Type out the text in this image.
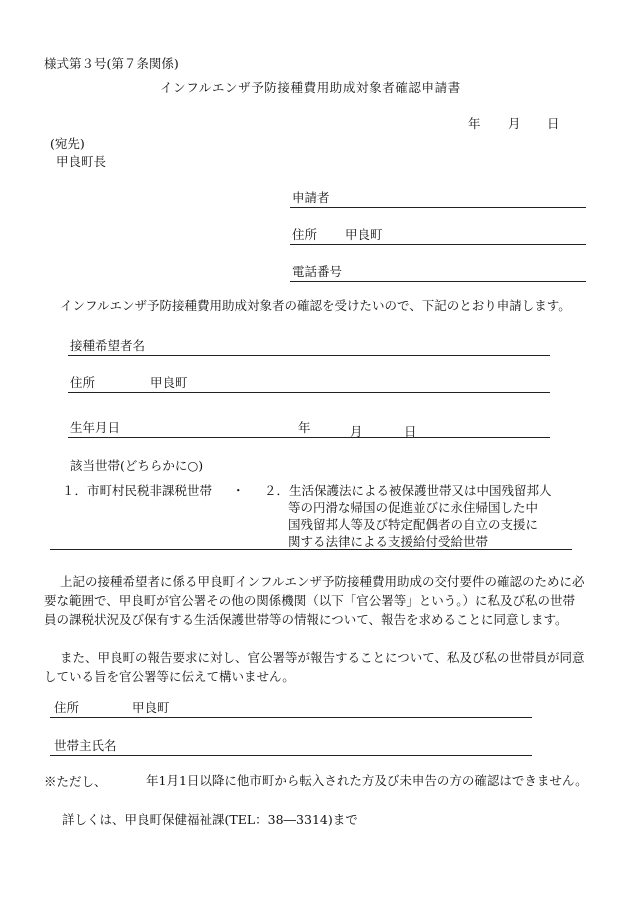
様式第３号(第７条関係)
インフルエンザ予防接種費用助成対象者確認申請書
年 月 日
(宛先)
甲良町長
申請者
住所 甲良町
電話番号
インフルエンザ予防接種費用助成対象者の確認を受けたいので、下記のとおり申請します。
接種希望者名
住所	甲良町
生年月日	年	月	日
該当世帯(どちらかに○)
１．市町村民税非課税世帯 ・ ２．生活保護法による被保護世帯又は中国残留邦人
等の円滑な帰国の促進並びに永住帰国した中
国残留邦人等及び特定配偶者の自立の支援に
関する法律による支援給付受給世帯
上記の接種希望者に係る甲良町インフルエンザ予防接種費用助成の交付要件の確認のために必要な範囲で、甲良町が官公署その他の関係機関（以下「官公署等」という。）に私及び私の世帯員の課税状況及び保有する生活保護世帯等の情報について、報告を求めることに同意します。
また、甲良町の報告要求に対し、官公署等が報告することについて、私及び私の世帯員が同意している旨を官公署等に伝えて構いません。
住所	甲良町
世帯主氏名
※ただし、	年1月1日以降に他市町から転入された方及び未申告の方の確認はできません。
詳しくは、甲良町保健福祉課(TEL：38―3314)まで
